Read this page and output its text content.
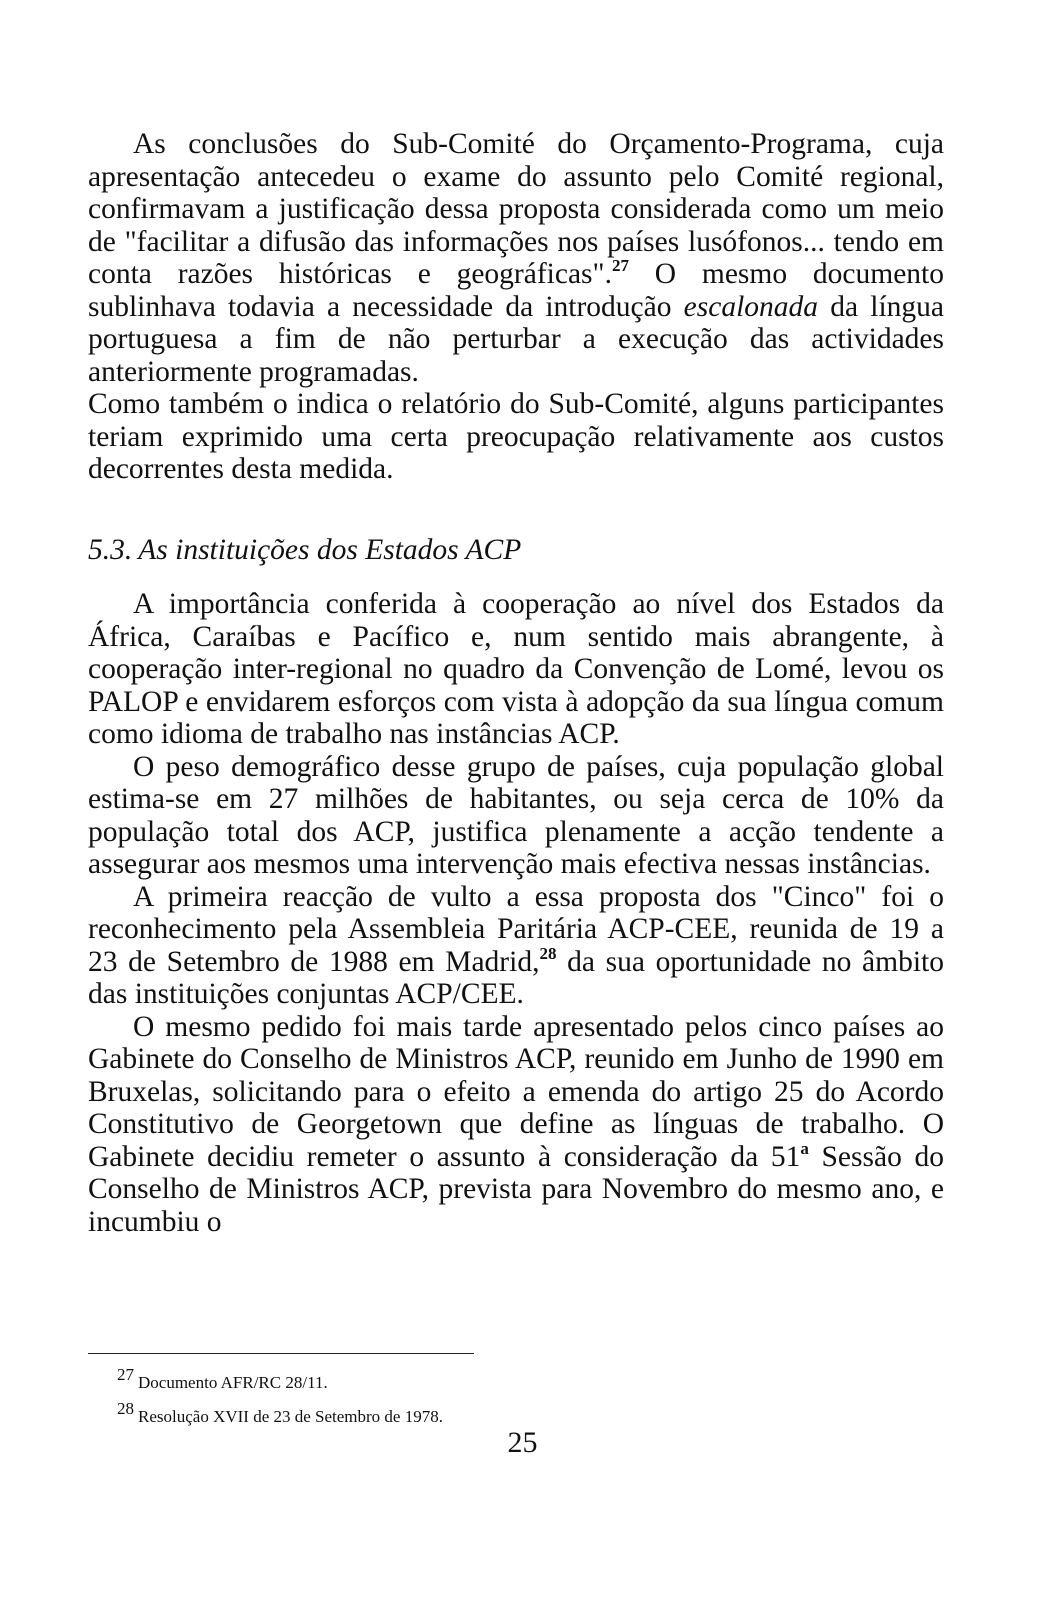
As conclusões do Sub-Comité do Orçamento-Programa, cuja apresentação antecedeu o exame do assunto pelo Comité regional, confirmavam a justificação dessa proposta considerada como um meio de "facilitar a difusão das informações nos países lusófonos... tendo em conta razões históricas e geográficas".$^{27}$ O mesmo documento sublinhava todavia a necessidade da introdução escalonada da língua portuguesa a fim de não perturbar a execução das actividades anteriormente programadas.

Como também o indica o relatório do Sub-Comité, alguns participantes teriam exprimido uma certa preocupação relativamente aos custos decorrentes desta medida.

5.3. As instituições dos Estados ACP

A importância conferida à cooperação ao nível dos Estados da África, Caraíbas e Pacífico e, num sentido mais abrangente, à cooperação inter-regional no quadro da Convenção de Lomé, levou os PALOP e envidarem esforços com vista à adopção da sua língua comum como idioma de trabalho nas instâncias ACP.

O peso demográfico desse grupo de países, cuja população global estima-se em 27 milhões de habitantes, ou seja cerca de 10% da população total dos ACP, justifica plenamente a acção tendente a assegurar aos mesmos uma intervenção mais efectiva nessas instâncias.

A primeira reacção de vulto a essa proposta dos "Cinco" foi o reconhecimento pela Assembleia Paritária ACP-CEE, reunida de 19 a 23 de Setembro de 1988 em Madrid,$^{28}$ da sua oportunidade no âmbito das instituições conjuntas ACP/CEE.

O mesmo pedido foi mais tarde apresentado pelos cinco países ao Gabinete do Conselho de Ministros ACP, reunido em Junho de 1990 em Bruxelas, solicitando para o efeito a emenda do artigo 25 do Acordo Constitutivo de Georgetown que define as línguas de trabalho. O Gabinete decidiu remeter o assunto à consideração da 51$^a$ Sessão do Conselho de Ministros ACP, prevista para Novembro do mesmo ano, e incumbiu o

27 Documento AFR/RC 28/11.
28 Resolução XVII de 23 de Setembro de 1978.
25
